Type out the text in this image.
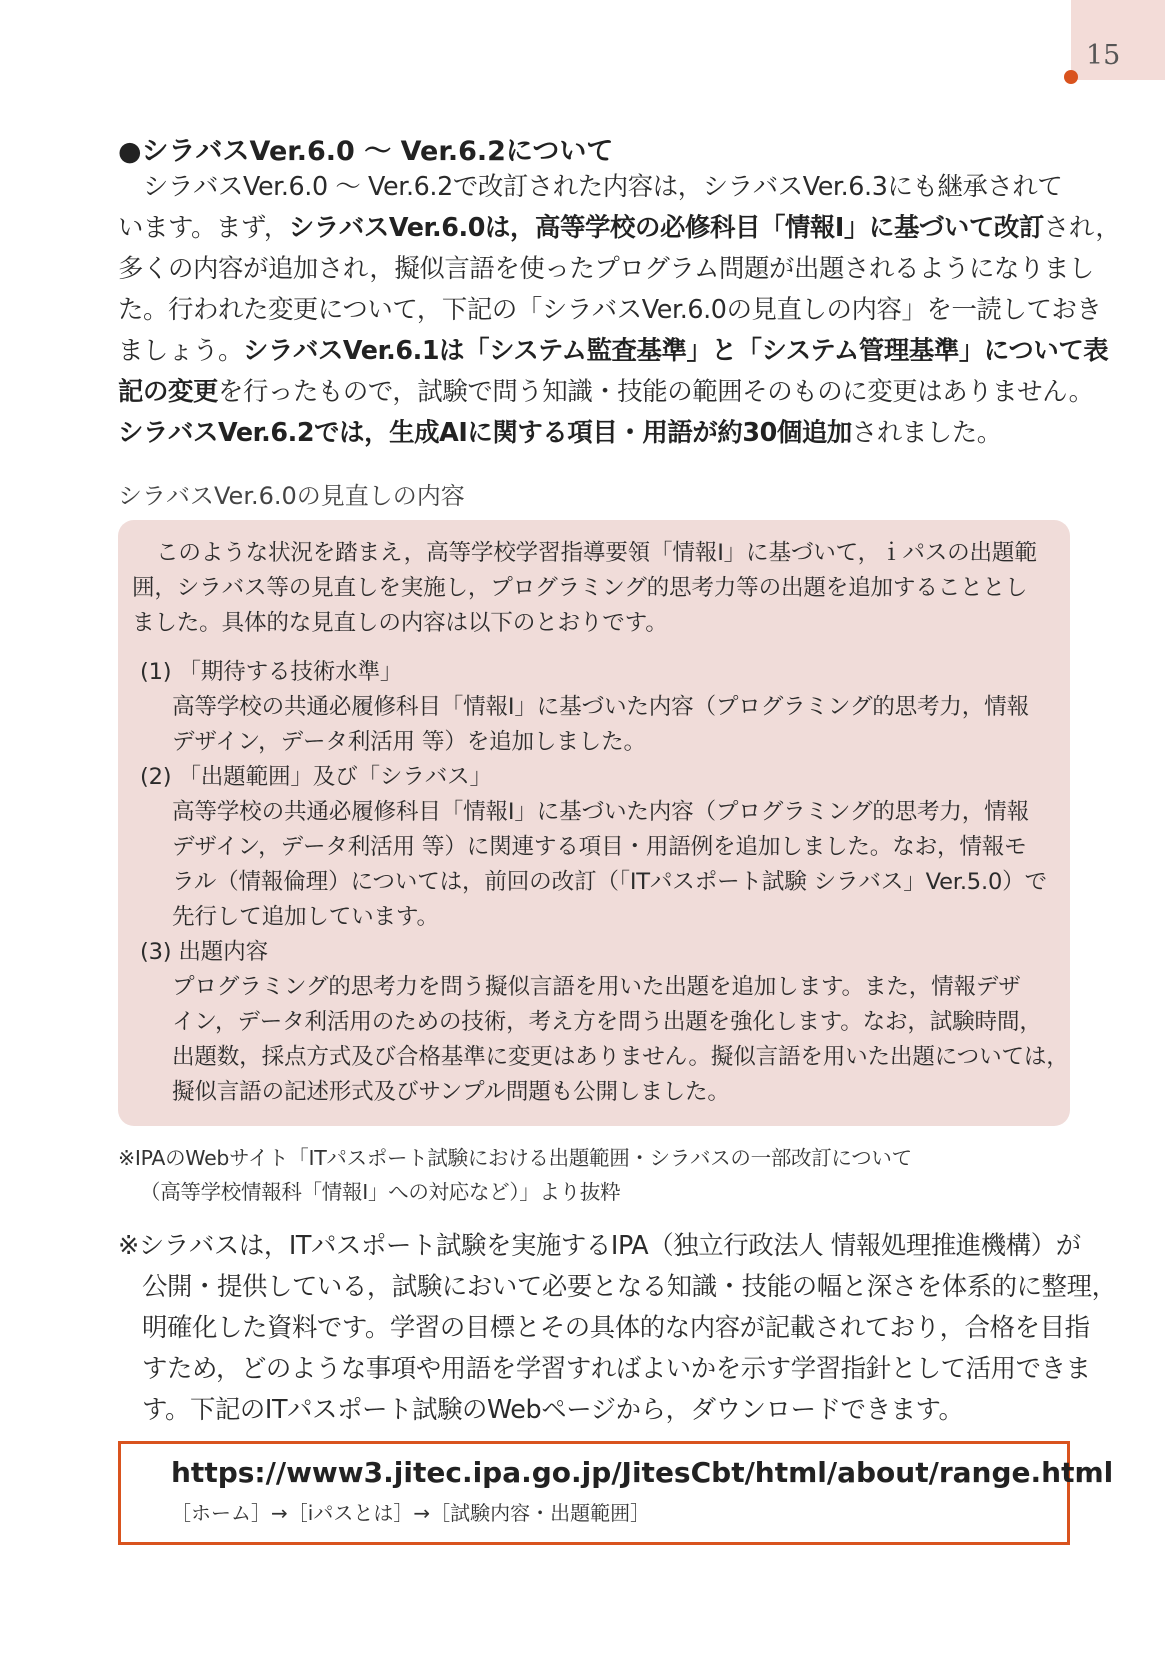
15
●シラバスVer.6.0 ～ Ver.6.2について

　シラバスVer.6.0 ～ Ver.6.2で改訂された内容は，シラバスVer.6.3にも継承されて

います。まず，シラバスVer.6.0は，高等学校の必修科目「情報Ⅰ」に基づいて改訂され，

多くの内容が追加され，擬似言語を使ったプログラム問題が出題されるようになりまし

た。行われた変更について，下記の「シラバスVer.6.0の見直しの内容」を一読しておき

ましょう。シラバスVer.6.1は「システム監査基準」と「システム管理基準」について表

記の変更を行ったもので，試験で問う知識・技能の範囲そのものに変更はありません。

シラバスVer.6.2では，生成AIに関する項目・用語が約30個追加されました。

シラバスVer.6.0の見直しの内容

このような状況を踏まえ，高等学校学習指導要領「情報Ⅰ」に基づいて，ｉパスの出題範

囲，シラバス等の見直しを実施し，プログラミング的思考力等の出題を追加することとし

ました。具体的な見直しの内容は以下のとおりです。

(1) 「期待する技術水準」

高等学校の共通必履修科目「情報Ⅰ」に基づいた内容（プログラミング的思考力，情報

デザイン，データ利活用 等）を追加しました。

(2) 「出題範囲」及び「シラバス」

高等学校の共通必履修科目「情報Ⅰ」に基づいた内容（プログラミング的思考力，情報

デザイン，データ利活用 等）に関連する項目・用語例を追加しました。なお，情報モ

ラル（情報倫理）については，前回の改訂（「ITパスポート試験 シラバス」Ver.5.0）で

先行して追加しています。

(3) 出題内容

プログラミング的思考力を問う擬似言語を用いた出題を追加します。また，情報デザ

イン，データ利活用のための技術，考え方を問う出題を強化します。なお，試験時間，

出題数，採点方式及び合格基準に変更はありません。擬似言語を用いた出題については，

擬似言語の記述形式及びサンプル問題も公開しました。

※IPAのWebサイト「ITパスポート試験における出題範囲・シラバスの一部改訂について

（高等学校情報科「情報Ⅰ」への対応など）」より抜粋

※シラバスは，ITパスポート試験を実施するIPA（独立行政法人 情報処理推進機構）が

公開・提供している，試験において必要となる知識・技能の幅と深さを体系的に整理，

明確化した資料です。学習の目標とその具体的な内容が記載されており，合格を目指

すため，どのような事項や用語を学習すればよいかを示す学習指針として活用できま

す。下記のITパスポート試験のWebページから，ダウンロードできます。

https://www3.jitec.ipa.go.jp/JitesCbt/html/about/range.html
［ホーム］→［iパスとは］→［試験内容・出題範囲］
